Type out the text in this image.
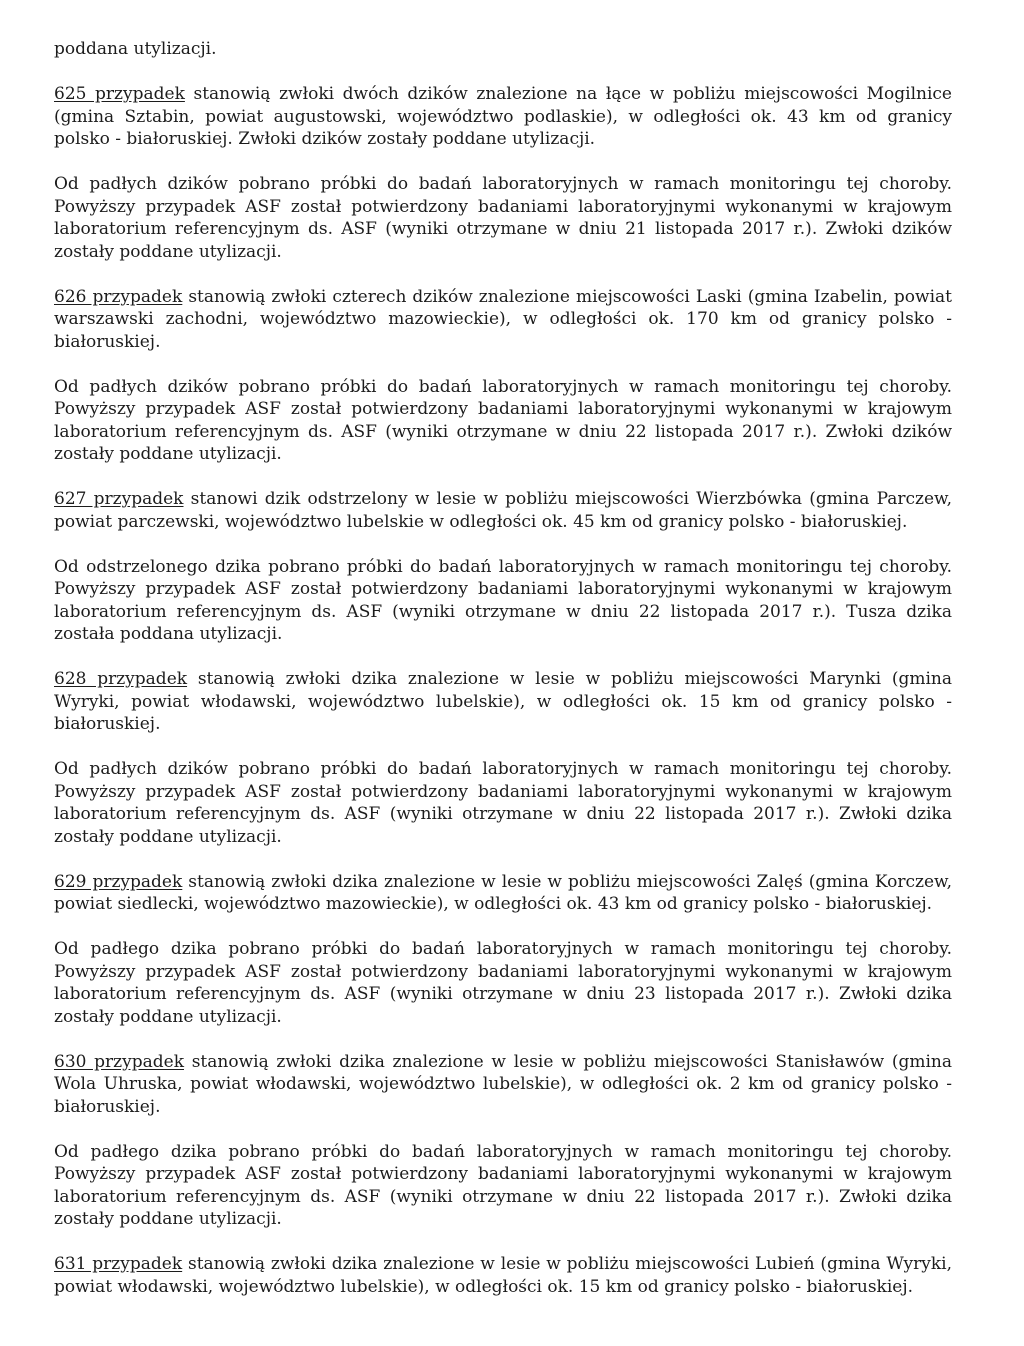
poddana utylizacji.

625 przypadek stanowią zwłoki dwóch dzików znalezione na łące w pobliżu miejscowości Mogilnice (gmina Sztabin, powiat augustowski, województwo podlaskie), w odległości ok. 43 km od granicy polsko - białoruskiej. Zwłoki dzików zostały poddane utylizacji.

Od padłych dzików pobrano próbki do badań laboratoryjnych w ramach monitoringu tej choroby. Powyższy przypadek ASF został potwierdzony badaniami laboratoryjnymi wykonanymi w krajowym laboratorium referencyjnym ds. ASF (wyniki otrzymane w dniu 21 listopada 2017 r.). Zwłoki dzików zostały poddane utylizacji.

626 przypadek stanowią zwłoki czterech dzików znalezione miejscowości Laski (gmina Izabelin, powiat warszawski zachodni, województwo mazowieckie), w odległości ok. 170 km od granicy polsko - białoruskiej.

Od padłych dzików pobrano próbki do badań laboratoryjnych w ramach monitoringu tej choroby. Powyższy przypadek ASF został potwierdzony badaniami laboratoryjnymi wykonanymi w krajowym laboratorium referencyjnym ds. ASF (wyniki otrzymane w dniu 22 listopada 2017 r.). Zwłoki dzików zostały poddane utylizacji.

627 przypadek stanowi dzik odstrzelony w lesie w pobliżu miejscowości Wierzbówka (gmina Parczew, powiat parczewski, województwo lubelskie w odległości ok. 45 km od granicy polsko - białoruskiej.

Od odstrzelonego dzika pobrano próbki do badań laboratoryjnych w ramach monitoringu tej choroby. Powyższy przypadek ASF został potwierdzony badaniami laboratoryjnymi wykonanymi w krajowym laboratorium referencyjnym ds. ASF (wyniki otrzymane w dniu 22 listopada 2017 r.). Tusza dzika została poddana utylizacji.

628 przypadek stanowią zwłoki dzika znalezione w lesie w pobliżu miejscowości Marynki (gmina Wyryki, powiat włodawski, województwo lubelskie), w odległości ok. 15 km od granicy polsko - białoruskiej.

Od padłych dzików pobrano próbki do badań laboratoryjnych w ramach monitoringu tej choroby. Powyższy przypadek ASF został potwierdzony badaniami laboratoryjnymi wykonanymi w krajowym laboratorium referencyjnym ds. ASF (wyniki otrzymane w dniu 22 listopada 2017 r.). Zwłoki dzika zostały poddane utylizacji.

629 przypadek stanowią zwłoki dzika znalezione w lesie w pobliżu miejscowości Zalęś (gmina Korczew, powiat siedlecki, województwo mazowieckie), w odległości ok. 43 km od granicy polsko - białoruskiej.

Od padłego dzika pobrano próbki do badań laboratoryjnych w ramach monitoringu tej choroby. Powyższy przypadek ASF został potwierdzony badaniami laboratoryjnymi wykonanymi w krajowym laboratorium referencyjnym ds. ASF (wyniki otrzymane w dniu 23 listopada 2017 r.). Zwłoki dzika zostały poddane utylizacji.

630 przypadek stanowią zwłoki dzika znalezione w lesie w pobliżu miejscowości Stanisławów (gmina Wola Uhruska, powiat włodawski, województwo lubelskie), w odległości ok. 2 km od granicy polsko - białoruskiej.

Od padłego dzika pobrano próbki do badań laboratoryjnych w ramach monitoringu tej choroby. Powyższy przypadek ASF został potwierdzony badaniami laboratoryjnymi wykonanymi w krajowym laboratorium referencyjnym ds. ASF (wyniki otrzymane w dniu 22 listopada 2017 r.). Zwłoki dzika zostały poddane utylizacji.

631 przypadek stanowią zwłoki dzika znalezione w lesie w pobliżu miejscowości Lubień (gmina Wyryki, powiat włodawski, województwo lubelskie), w odległości ok. 15 km od granicy polsko - białoruskiej.
